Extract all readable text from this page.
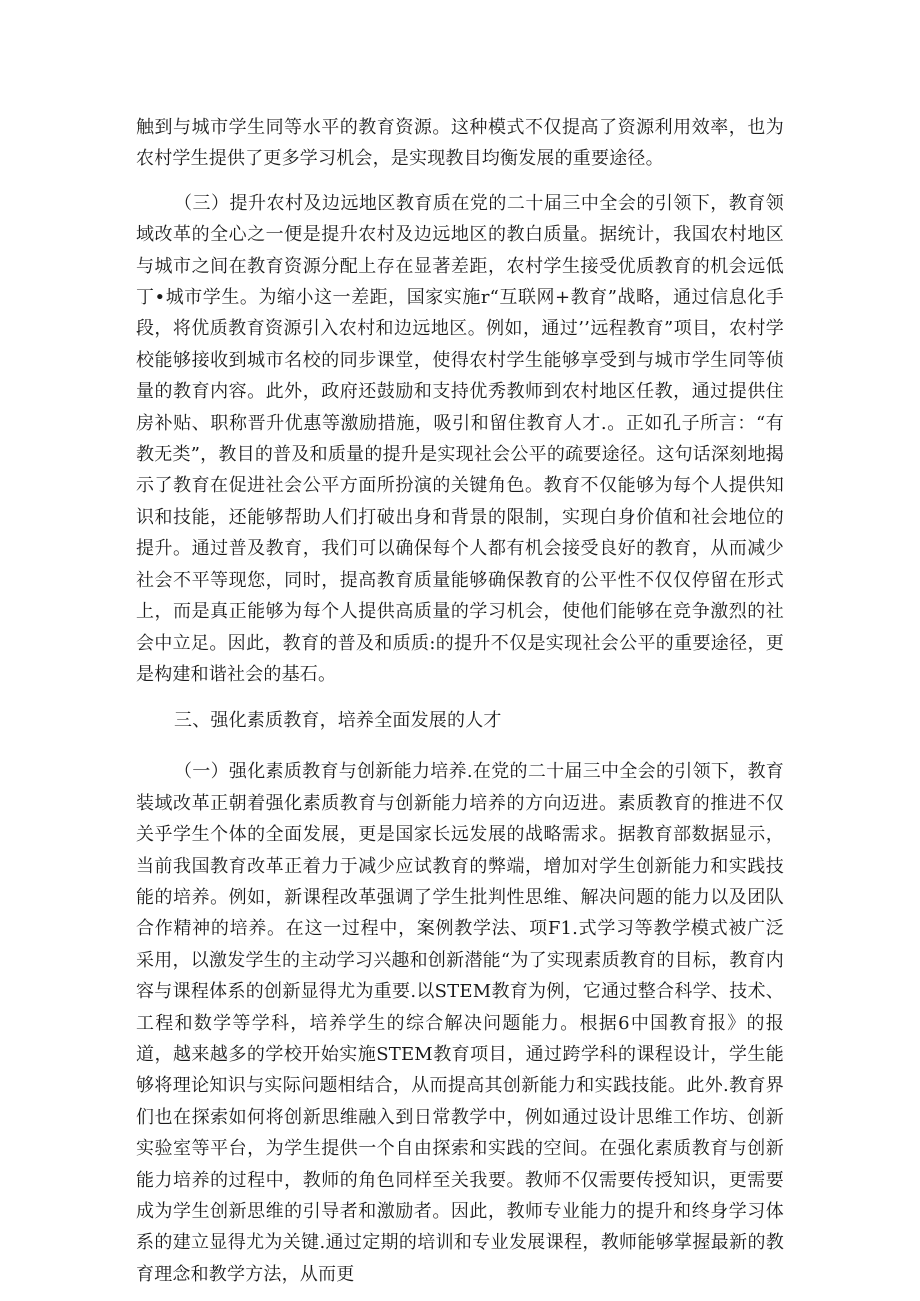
触到与城市学生同等水平的教育资源。这种模式不仅提高了资源利用效率，也为农村学生提供了更多学习机会，是实现教目均衡发展的重要途径。

（三）提升农村及边远地区教育质在党的二十届三中全会的引领下，教育领域改革的全心之一便是提升农村及边远地区的教白质量。据统计，我国农村地区与城市之间在教育资源分配上存在显著差距，农村学生接受优质教育的机会远低丁•城市学生。为缩小这一差距，国家实施r“互联网+教育”战略，通过信息化手段，将优质教育资源引入农村和边远地区。例如，通过’’远程教育”项目，农村学校能够接收到城市名校的同步课堂，使得农村学生能够享受到与城市学生同等侦量的教育内容。此外，政府还鼓励和支持优秀教师到农村地区任教，通过提供住房补贴、职称晋升优惠等激励措施，吸引和留住教育人才.。正如孔子所言：“有教无类”，教目的普及和质量的提升是实现社会公平的疏要途径。这句话深刻地揭示了教育在促进社会公平方面所扮演的关键角色。教育不仅能够为每个人提供知识和技能，还能够帮助人们打破出身和背景的限制，实现白身价值和社会地位的提升。通过普及教育，我们可以确保每个人都有机会接受良好的教育，从而减少社会不平等现您，同时，提高教育质量能够确保教育的公平性不仅仅停留在形式上，而是真正能够为每个人提供高质量的学习机会，使他们能够在竞争激烈的社会中立足。因此，教育的普及和质质:的提升不仅是实现社会公平的重要途径，更是构建和谐社会的基石。

三、强化素质教育，培养全面发展的人才

（一）强化素质教育与创新能力培养.在党的二十届三中全会的引领下，教育装域改革正朝着强化素质教育与创新能力培养的方向迈进。素质教育的推进不仅关乎学生个体的全面发展，更是国家长远发展的战略需求。据教育部数据显示，当前我国教育改革正着力于减少应试教育的弊端，增加对学生创新能力和实践技能的培养。例如，新课程改革强调了学生批判性思维、解决问题的能力以及团队合作精神的培养。在这一过程中，案例教学法、项F1.式学习等教学模式被广泛采用，以激发学生的主动学习兴趣和创新潜能“为了实现素质教育的目标，教育内容与课程体系的创新显得尤为重要.以STEM教育为例，它通过整合科学、技术、工程和数学等学科，培养学生的综合解决问题能力。根据6中国教育报》的报道，越来越多的学校开始实施STEM教育项目，通过跨学科的课程设计，学生能够将理论知识与实际问题相结合，从而提高其创新能力和实践技能。此外.教育界们也在探索如何将创新思维融入到日常教学中，例如通过设计思维工作坊、创新实验室等平台，为学生提供一个自由探索和实践的空间。在强化素质教育与创新能力培养的过程中，教师的角色同样至关我要。教师不仅需要传授知识，更需要成为学生创新思维的引导者和激励者。因此，教师专业能力的提升和终身学习体系的建立显得尤为关键.通过定期的培训和专业发展课程，教师能够掌握最新的教育理念和教学方法，从而更
